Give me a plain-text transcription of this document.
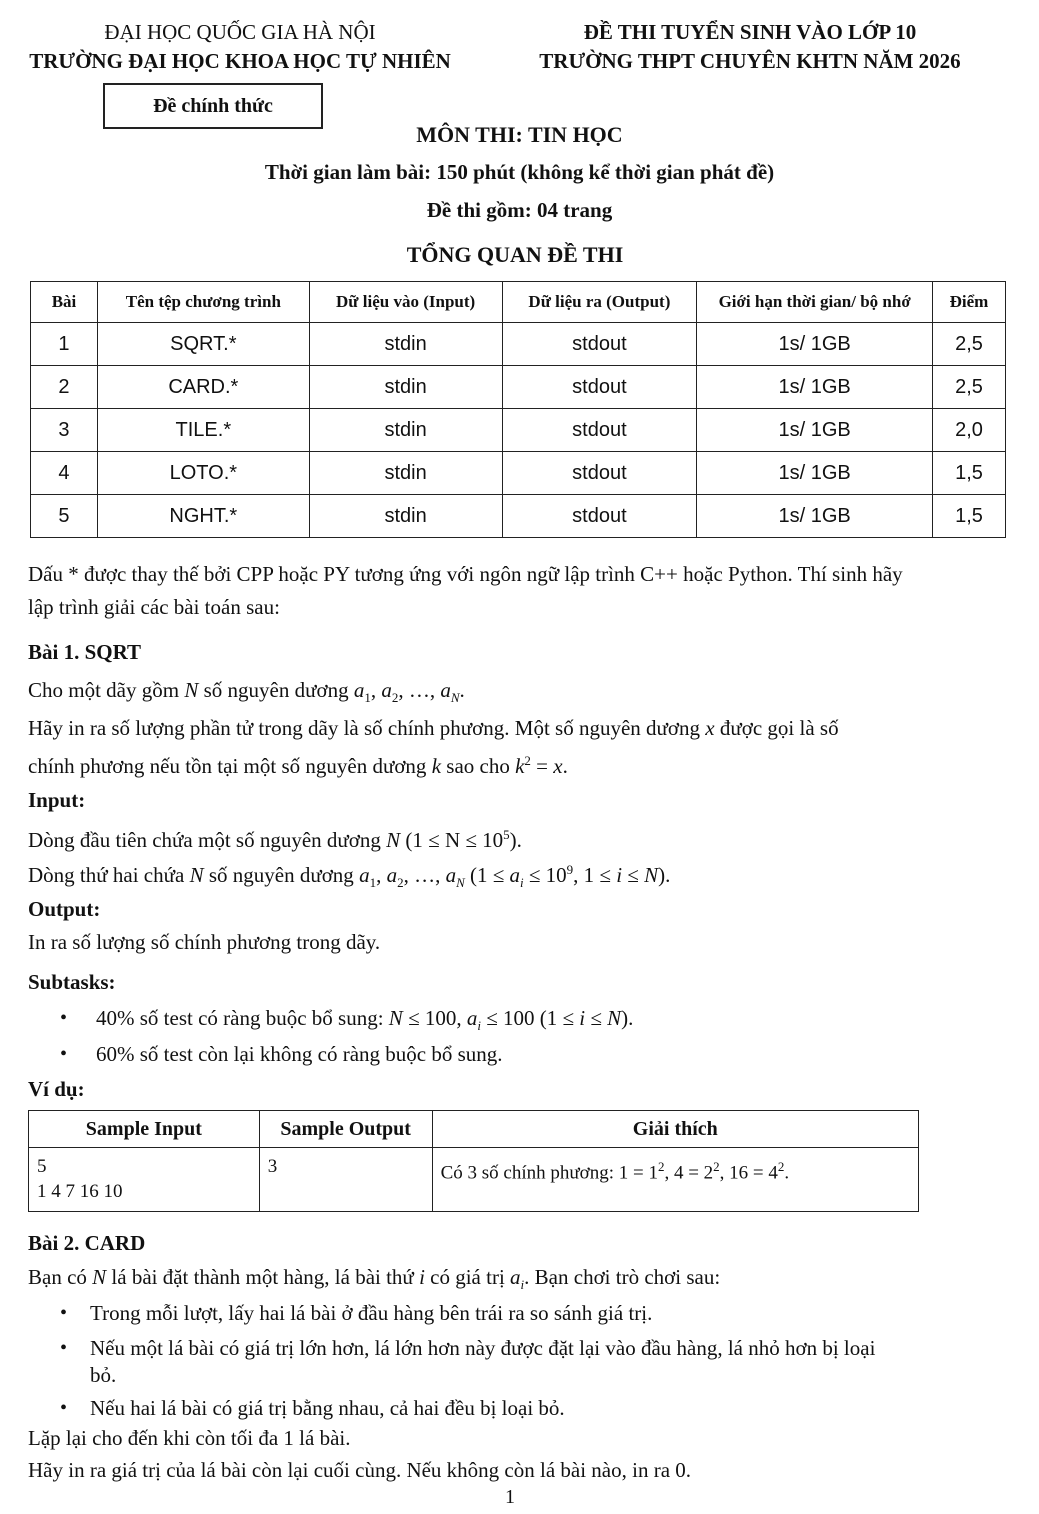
ĐẠI HỌC QUỐC GIA HÀ NỘI
TRƯỜNG ĐẠI HỌC KHOA HỌC TỰ NHIÊN
ĐỀ THI TUYỂN SINH VÀO LỚP 10
TRƯỜNG THPT CHUYÊN KHTN NĂM 2026
Đề chính thức
MÔN THI: TIN HỌC
Thời gian làm bài: 150 phút (không kể thời gian phát đề)
Đề thi gồm: 04 trang
TỔNG QUAN ĐỀ THI
Bài	Tên tệp chương trình	Dữ liệu vào (Input)	Dữ liệu ra (Output)	Giới hạn thời gian/ bộ nhớ	Điểm
1	SQRT.*	stdin	stdout	1s/ 1GB	2,5
2	CARD.*	stdin	stdout	1s/ 1GB	2,5
3	TILE.*	stdin	stdout	1s/ 1GB	2,0
4	LOTO.*	stdin	stdout	1s/ 1GB	1,5
5	NGHT.*	stdin	stdout	1s/ 1GB	1,5
Dấu * được thay thế bởi CPP hoặc PY tương ứng với ngôn ngữ lập trình C++ hoặc Python. Thí sinh hãy
lập trình giải các bài toán sau:
Bài 1. SQRT
Cho một dãy gồm N số nguyên dương $a_1$, $a_2$, …, $a_N$.
Hãy in ra số lượng phần tử trong dãy là số chính phương. Một số nguyên dương x được gọi là số
chính phương nếu tồn tại một số nguyên dương k sao cho $k^2 = x$.
Input:
Dòng đầu tiên chứa một số nguyên dương N $(1 \le N \le 10^5)$.
Dòng thứ hai chứa N số nguyên dương $a_1$, $a_2$, …, $a_N$ ($1 \le a_i \le 10^9$, 1 ≤ i ≤ N).
Output:
In ra số lượng số chính phương trong dãy.
Subtasks:
• 40% số test có ràng buộc bổ sung: N ≤ 100, $a_i \le 100$ (1 ≤ i ≤ N).
• 60% số test còn lại không có ràng buộc bổ sung.
Ví dụ:
Sample Input	Sample Output	Giải thích

5
1 4 7 16 10	3	Có 3 số chính phương: $1 = 1^2$, $4 = 2^2$, $16 = 4^2$.
Bài 2. CARD
Bạn có N lá bài đặt thành một hàng, lá bài thứ i có giá trị $a_i$. Bạn chơi trò chơi sau:
• Trong mỗi lượt, lấy hai lá bài ở đầu hàng bên trái ra so sánh giá trị.
• Nếu một lá bài có giá trị lớn hơn, lá lớn hơn này được đặt lại vào đầu hàng, lá nhỏ hơn bị loại
bỏ.
• Nếu hai lá bài có giá trị bằng nhau, cả hai đều bị loại bỏ.
Lặp lại cho đến khi còn tối đa 1 lá bài.
Hãy in ra giá trị của lá bài còn lại cuối cùng. Nếu không còn lá bài nào, in ra 0.
1
